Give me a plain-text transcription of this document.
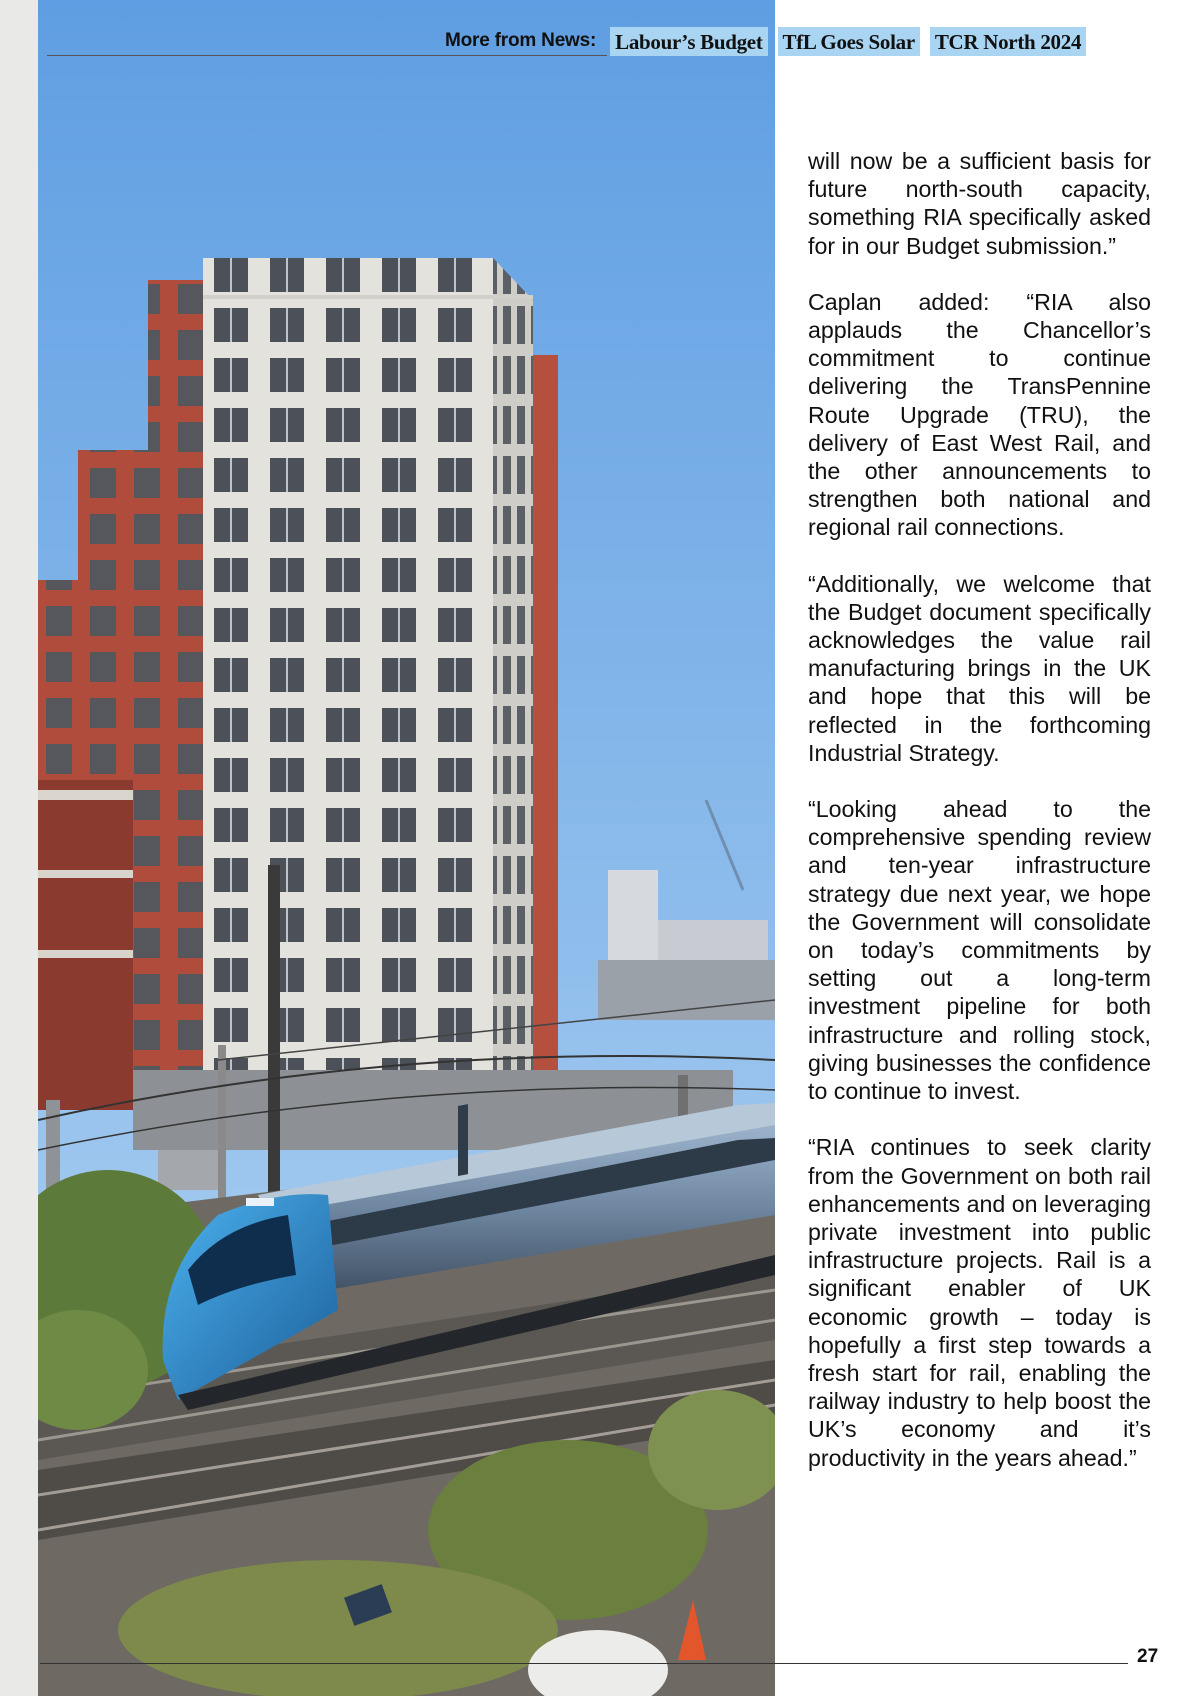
More from News: Labour’s Budget TfL Goes Solar TCR North 2024

will now be a sufficient basis for future north-south capacity, something RIA specifically asked for in our Budget submission.”

Caplan added: “RIA also applauds the Chancellor’s commitment to continue delivering the TransPennine Route Upgrade (TRU), the delivery of East West Rail, and the other announcements to strengthen both national and regional rail connections.

“Additionally, we welcome that the Budget document specifically acknowledges the value rail manufacturing brings in the UK and hope that this will be reflected in the forthcoming Industrial Strategy.

“Looking ahead to the comprehensive spending review and ten-year infrastructure strategy due next year, we hope the Government will consolidate on today’s commitments by setting out a long-term investment pipeline for both infrastructure and rolling stock, giving businesses the confidence to continue to invest.

“RIA continues to seek clarity from the Government on both rail enhancements and on leveraging private investment into public infrastructure projects. Rail is a significant enabler of UK economic growth – today is hopefully a first step towards a fresh start for rail, enabling the railway industry to help boost the UK’s economy and it’s productivity in the years ahead.”

27
